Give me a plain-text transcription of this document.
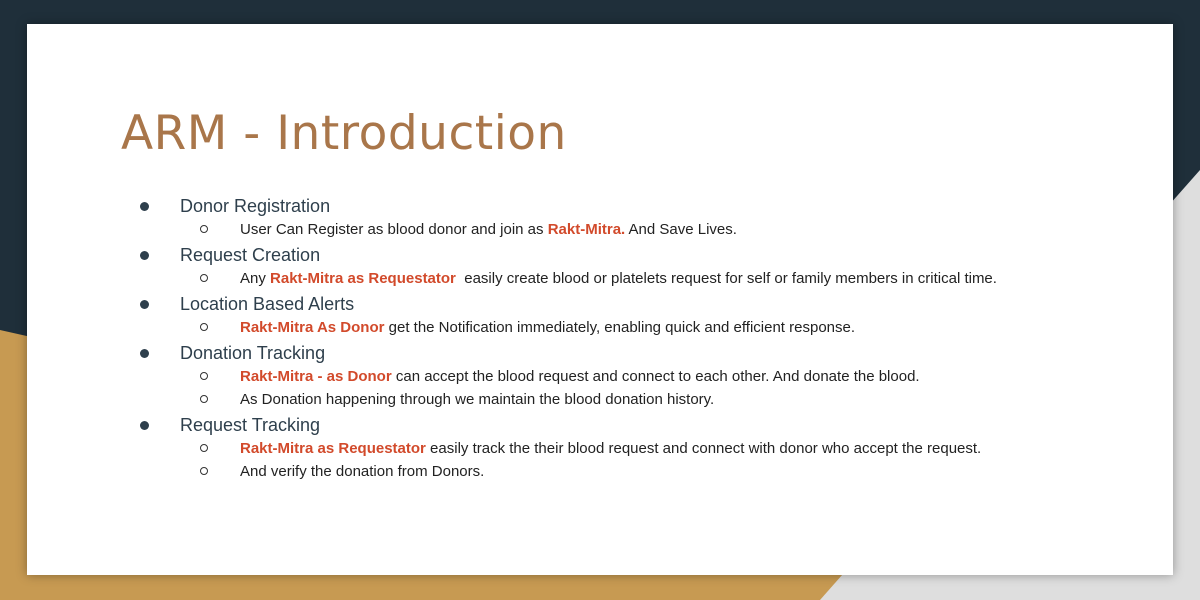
ARM - Introduction
Donor Registration
User Can Register as blood donor and join as Rakt-Mitra. And Save Lives.
Request Creation
Any Rakt-Mitra as Requestator  easily create blood or platelets request for self or family members in critical time.
Location Based Alerts
Rakt-Mitra As Donor get the Notification immediately, enabling quick and efficient response.
Donation Tracking
Rakt-Mitra - as Donor can accept the blood request and connect to each other. And donate the blood.
As Donation happening through we maintain the blood donation history.
Request Tracking
Rakt-Mitra as Requestator easily track the their blood request and connect with donor who accept the request.
And verify the donation from Donors.
